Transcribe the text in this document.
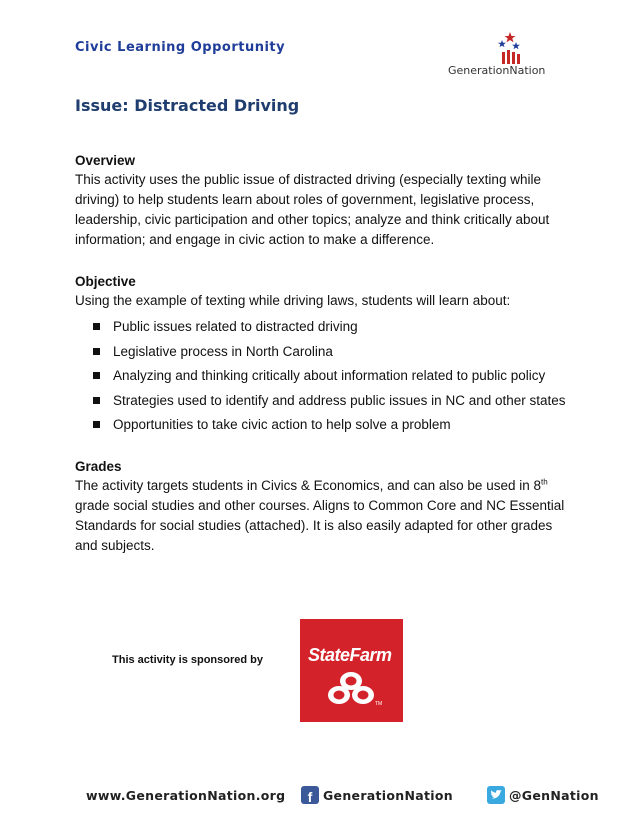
Civic Learning Opportunity
GenerationNation
Issue: Distracted Driving
Overview
This activity uses the public issue of distracted driving (especially texting while
driving) to help students learn about roles of government, legislative process,
leadership, civic participation and other topics; analyze and think critically about
information; and engage in civic action to make a difference.
Objective
Using the example of texting while driving laws, students will learn about:
Public issues related to distracted driving
Legislative process in North Carolina
Analyzing and thinking critically about information related to public policy
Strategies used to identify and address public issues in NC and other states
Opportunities to take civic action to help solve a problem
Grades
The activity targets students in Civics & Economics, and can also be used in 8th
grade social studies and other courses. Aligns to Common Core and NC Essential
Standards for social studies (attached). It is also easily adapted for other grades
and subjects.
This activity is sponsored by	StateFarm
TM
www.GenerationNation.org	f GenerationNation	@GenNation
